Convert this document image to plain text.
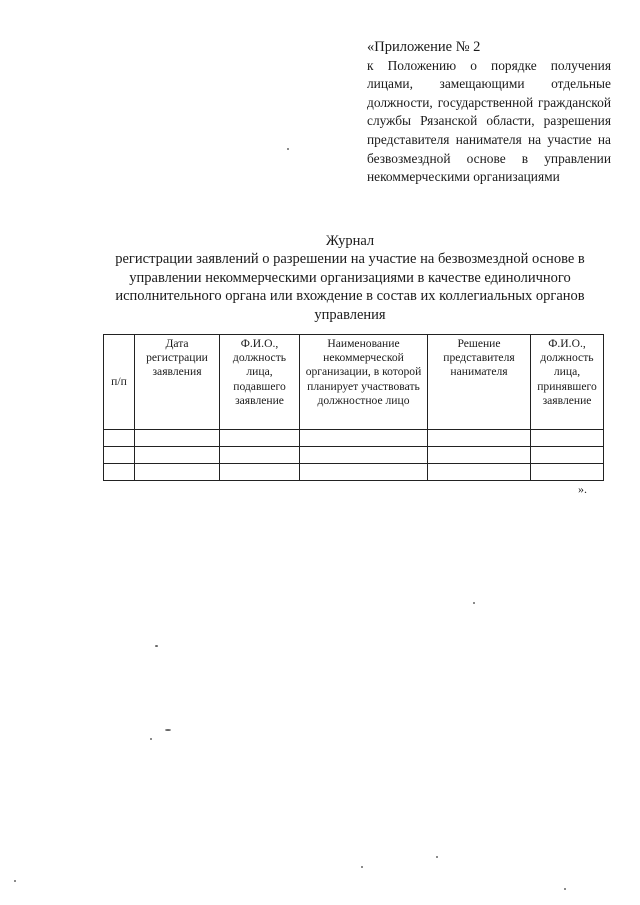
«Приложение № 2
к Положению о порядке получения лицами, замещающими отдельные должности, государственной гражданской службы Рязанской области, разрешения представителя нанимателя на участие на безвозмездной основе в управлении некоммерческими организациями
Журнал
регистрации заявлений о разрешении на участие на безвозмездной основе в управлении некоммерческими организациями в качестве единоличного исполнительного органа или вхождение в состав их коллегиальных органов управления
п/п	Дата регистрации заявления	Ф.И.О., должность лица, подавшего заявление	Наименование некоммерческой организации, в которой планирует участвовать должностное лицо	Решение представителя нанимателя	Ф.И.О., должность лица, принявшего заявление

».
